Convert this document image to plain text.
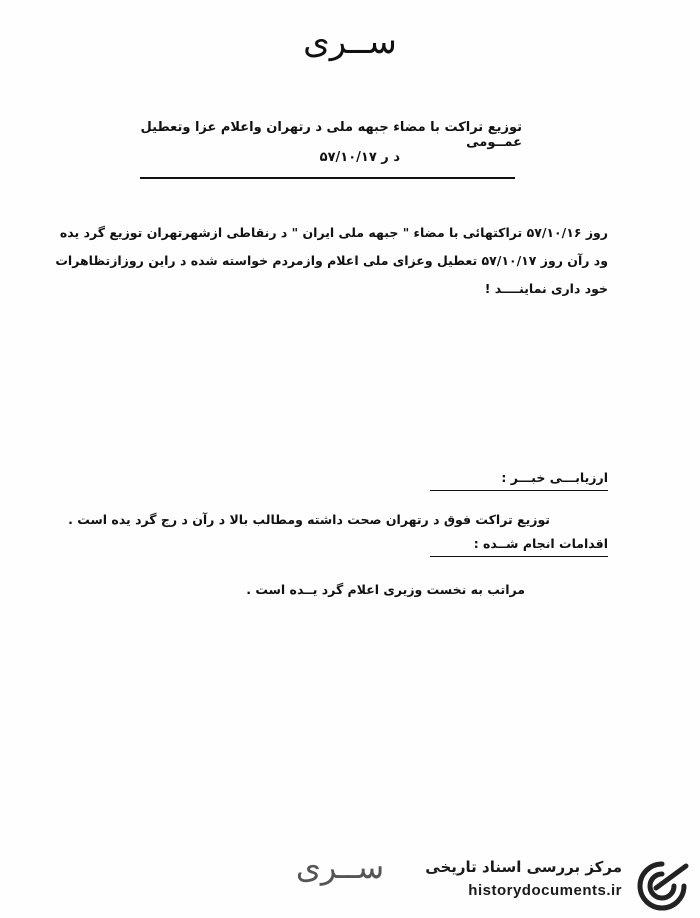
ســرى
توزیع تراکت با مضاء جبهه ملی د رتهران واعلام عزا وتعطیل عمــومی
د ر ۵۷/۱۰/۱۷

روز ۵۷/۱۰/۱۶ تراکتهائی با مضاء " جبهه ملی ایران " د رنقاطی ازشهرتهران توزیع گرد یده

ود رآن روز ۵۷/۱۰/۱۷ تعطیل وعزای ملی اعلام وازمردم خواسته شده د راین روزازتظاهرات

خود داری نماینــــد !

ارزیابـــی خبـــر :
توزیع تراکت فوق د رتهران صحت داشته ومطالب بالا د رآن د رج گرد یده است .
اقدامات انجام شــده :
مراتب به نخست وزیری اعلام گرد یــده است .
ســرى	مرکز بررسی اسناد تاریخی
historydocuments.ir
